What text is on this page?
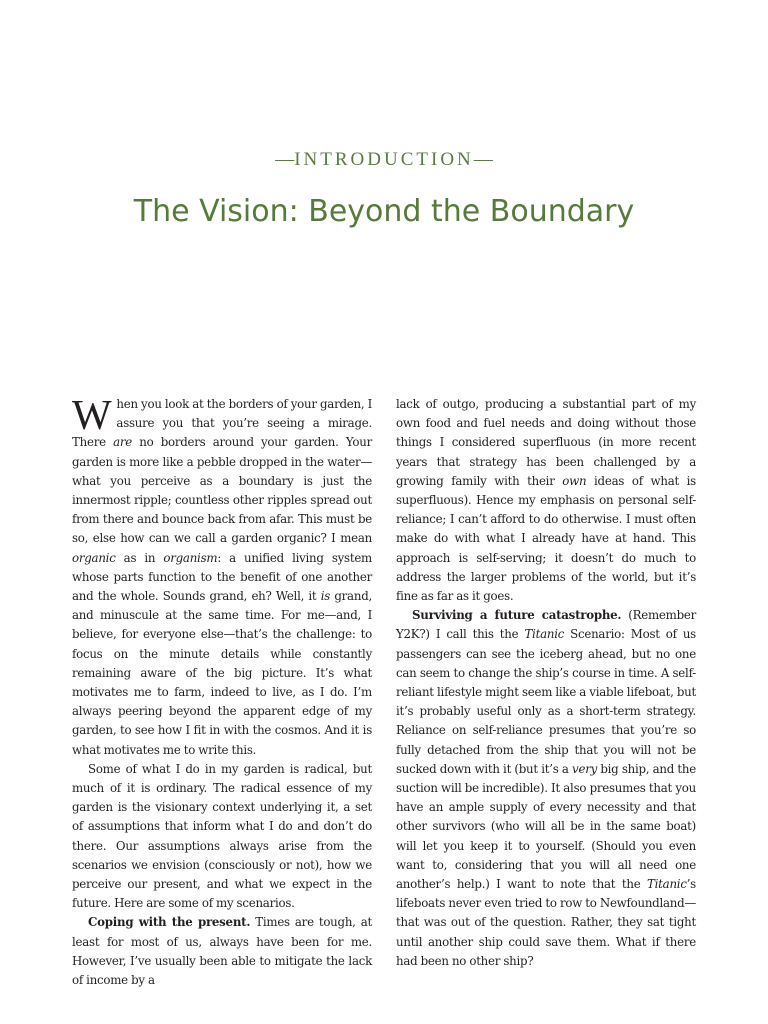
—INTRODUCTION—
The Vision: Beyond the Boundary

When you look at the borders of your garden, I assure you that you’re seeing a mirage. There are no borders around your garden. Your garden is more like a pebble dropped in the water—what you perceive as a boundary is just the innermost ripple; countless other ripples spread out from there and bounce back from afar. This must be so, else how can we call a garden organic? I mean organic as in organism: a unified living system whose parts function to the benefit of one another and the whole. Sounds grand, eh? Well, it is grand, and minuscule at the same time. For me—and, I believe, for everyone else—that’s the challenge: to focus on the minute details while constantly remaining aware of the big picture. It’s what motivates me to farm, indeed to live, as I do. I’m always peering beyond the apparent edge of my garden, to see how I fit in with the cosmos. And it is what motivates me to write this.

Some of what I do in my garden is radical, but much of it is ordinary. The radical essence of my garden is the visionary context underlying it, a set of assumptions that inform what I do and don’t do there. Our assumptions always arise from the scenarios we envision (consciously or not), how we perceive our present, and what we expect in the future. Here are some of my scenarios.

Coping with the present. Times are tough, at least for most of us, always have been for me. However, I’ve usually been able to mitigate the lack of income by a

lack of outgo, producing a substantial part of my own food and fuel needs and doing without those things I considered superfluous (in more recent years that strategy has been challenged by a growing family with their own ideas of what is superfluous). Hence my emphasis on personal self-reliance; I can’t afford to do otherwise. I must often make do with what I already have at hand. This approach is self-serving; it doesn’t do much to address the larger problems of the world, but it’s fine as far as it goes.

Surviving a future catastrophe. (Remember Y2K?) I call this the Titanic Scenario: Most of us passengers can see the iceberg ahead, but no one can seem to change the ship’s course in time. A self-reliant lifestyle might seem like a viable lifeboat, but it’s probably useful only as a short-term strategy. Reliance on self-reliance presumes that you’re so fully detached from the ship that you will not be sucked down with it (but it’s a very big ship, and the suction will be incredible). It also presumes that you have an ample supply of every necessity and that other survivors (who will all be in the same boat) will let you keep it to yourself. (Should you even want to, considering that you will all need one another’s help.) I want to note that the Titanic’s lifeboats never even tried to row to Newfoundland—that was out of the question. Rather, they sat tight until another ship could save them. What if there had been no other ship?
